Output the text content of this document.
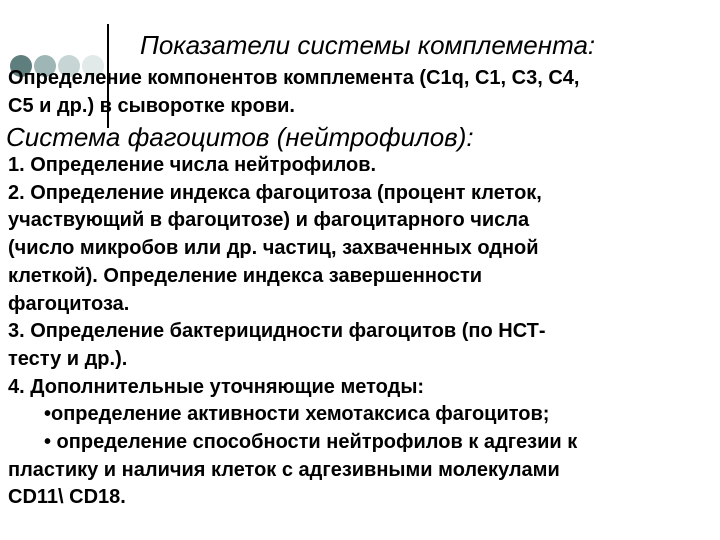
Показатели системы комплемента:
Определение компонентов комплемента (С1q, С1, С3, С4,
С5 и др.) в сыворотке крови.
Система фагоцитов (нейтрофилов):
1. Определение числа нейтрофилов.
2. Определение индекса фагоцитоза (процент клеток,
участвующий в фагоцитозе) и фагоцитарного числа
(число микробов или др. частиц, захваченных одной
клеткой). Определение индекса завершенности
фагоцитоза.
3. Определение бактерицидности фагоцитов (по НСТ-
тесту и др.).
4. Дополнительные уточняющие методы:
•определение активности хемотаксиса фагоцитов;
• определение способности нейтрофилов к адгезии к
пластику и наличия клеток с адгезивными молекулами
CD11\ CD18.
